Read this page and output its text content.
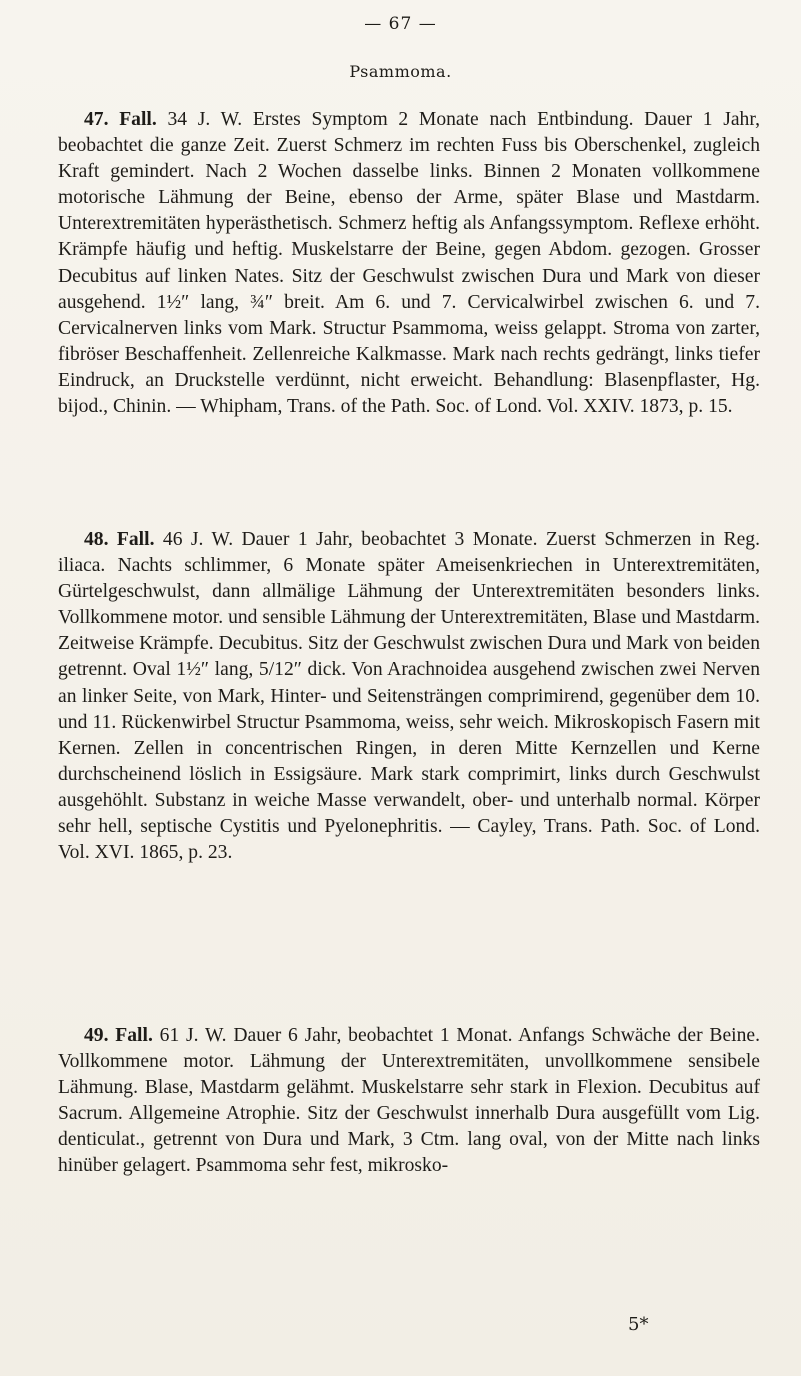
— 67 —
Psammoma.

47. Fall. 34 J. W. Erstes Symptom 2 Monate nach Entbindung. Dauer 1 Jahr, beobachtet die ganze Zeit. Zuerst Schmerz im rechten Fuss bis Oberschenkel, zugleich Kraft gemindert. Nach 2 Wochen dasselbe links. Binnen 2 Monaten vollkommene motorische Lähmung der Beine, ebenso der Arme, später Blase und Mastdarm. Unterextremitäten hyperästhetisch. Schmerz heftig als Anfangssymptom. Reflexe erhöht. Krämpfe häufig und heftig. Muskelstarre der Beine, gegen Abdom. gezogen. Grosser Decubitus auf linken Nates. Sitz der Geschwulst zwischen Dura und Mark von dieser ausgehend. 1½″ lang, ¾″ breit. Am 6. und 7. Cervicalwirbel zwischen 6. und 7. Cervicalnerven links vom Mark. Structur Psammoma, weiss gelappt. Stroma von zarter, fibröser Beschaffenheit. Zellenreiche Kalkmasse. Mark nach rechts gedrängt, links tiefer Eindruck, an Druckstelle verdünnt, nicht erweicht. Behandlung: Blasenpflaster, Hg. bijod., Chinin. — Whipham, Trans. of the Path. Soc. of Lond. Vol. XXIV. 1873, p. 15.

48. Fall. 46 J. W. Dauer 1 Jahr, beobachtet 3 Monate. Zuerst Schmerzen in Reg. iliaca. Nachts schlimmer, 6 Monate später Ameisenkriechen in Unterextremitäten, Gürtelgeschwulst, dann allmälige Lähmung der Unterextremitäten besonders links. Vollkommene motor. und sensible Lähmung der Unterextremitäten, Blase und Mastdarm. Zeitweise Krämpfe. Decubitus. Sitz der Geschwulst zwischen Dura und Mark von beiden getrennt. Oval 1½″ lang, 5/12″ dick. Von Arachnoidea ausgehend zwischen zwei Nerven an linker Seite, von Mark, Hinter- und Seitensträngen comprimirend, gegenüber dem 10. und 11. Rückenwirbel Structur Psammoma, weiss, sehr weich. Mikroskopisch Fasern mit Kernen. Zellen in concentrischen Ringen, in deren Mitte Kernzellen und Kerne durchscheinend löslich in Essigsäure. Mark stark comprimirt, links durch Geschwulst ausgehöhlt. Substanz in weiche Masse verwandelt, ober- und unterhalb normal. Körper sehr hell, septische Cystitis und Pyelonephritis. — Cayley, Trans. Path. Soc. of Lond. Vol. XVI. 1865, p. 23.

49. Fall. 61 J. W. Dauer 6 Jahr, beobachtet 1 Monat. Anfangs Schwäche der Beine. Vollkommene motor. Lähmung der Unterextremitäten, unvollkommene sensibele Lähmung. Blase, Mastdarm gelähmt. Muskelstarre sehr stark in Flexion. Decubitus auf Sacrum. Allgemeine Atrophie. Sitz der Geschwulst innerhalb Dura ausgefüllt vom Lig. denticulat., getrennt von Dura und Mark, 3 Ctm. lang oval, von der Mitte nach links hinüber gelagert. Psammoma sehr fest, mikrosko-

5*
